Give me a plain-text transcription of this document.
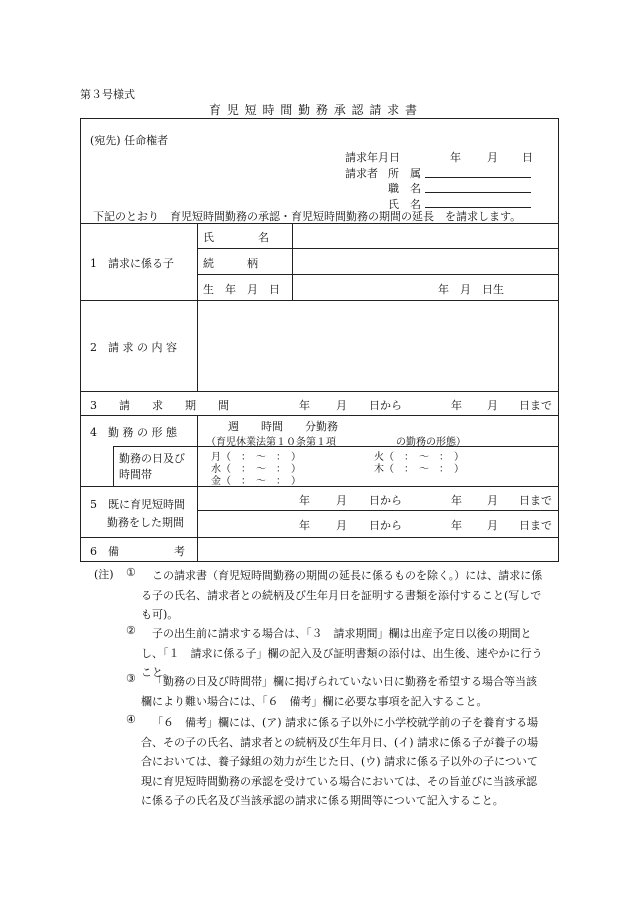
第３号様式
育 児 短 時 間 勤 務 承 認 請 求 書
(宛先) 任命権者
請求年月日	年 月 日
請求者 所　属
職　名
氏　名
下記のとおり　育児短時間勤務の承認・育児短時間勤務の期間の延長　を請求します。
1　請求に係る子
氏　　　　名
続　　　柄
生　年　月　日	年　月　日生
2　請 求 の 内 容
3　　請　　求　　期　　間	年 月 日から	年 月 日まで
4　勤 務 の 形 態	週　　時間　　分勤務
（育児休業法第１０条第１項　　　　　　の勤務の形態）
勤務の日及び
時間帯
月（　：　～　：　）	火（　：　～　：　）
水（　：　～　：　）	木（　：　～　：　）
金（　：　～　：　）
5　既に育児短時間
勤務をした期間
年 月 日から	年 月 日まで
年 月 日から	年 月 日まで
6　備　　　　　考
(注) ①	この請求書（育児短時間勤務の期間の延長に係るものを除く。）には、請求に係る子の氏名、請求者との続柄及び生年月日を証明する書類を添付すること(写しでも可)。
②	子の出生前に請求する場合は、「３　請求期間」欄は出産予定日以後の期間とし、「１　請求に係る子」欄の記入及び証明書類の添付は、出生後、速やかに行うこと。
③	「勤務の日及び時間帯」欄に掲げられていない日に勤務を希望する場合等当該欄により難い場合には、「６　備考」欄に必要な事項を記入すること。
④	「６　備考」欄には、(ア) 請求に係る子以外に小学校就学前の子を養育する場合、その子の氏名、請求者との続柄及び生年月日、(イ) 請求に係る子が養子の場合においては、養子縁組の効力が生じた日、(ウ) 請求に係る子以外の子について現に育児短時間勤務の承認を受けている場合においては、その旨並びに当該承認に係る子の氏名及び当該承認の請求に係る期間等について記入すること。
